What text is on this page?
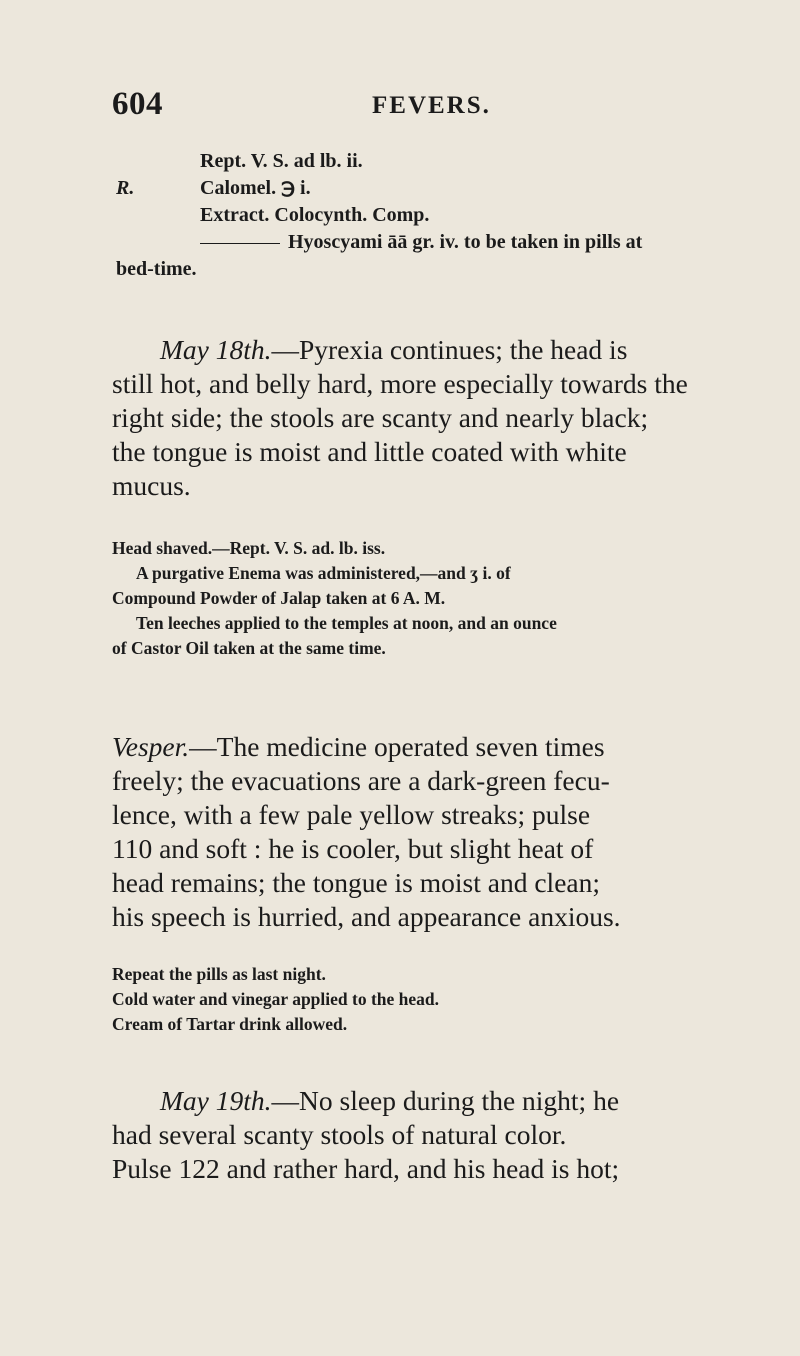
604	FEVERS.
Rept. V. S. ad lb. ii.
R.	Calomel. ℈ i.
Extract. Colocynth. Comp.
Hyoscyami āā gr. iv. to be taken in pills at
bed-time.
May 18th.—Pyrexia continues; the head is
still hot, and belly hard, more especially towards the
right side; the stools are scanty and nearly black;
the tongue is moist and little coated with white
mucus.
Head shaved.—Rept. V. S. ad. lb. iss.
A purgative Enema was administered,—and ʒ i. of
Compound Powder of Jalap taken at 6 A. M.
Ten leeches applied to the temples at noon, and an ounce
of Castor Oil taken at the same time.
Vesper.—The medicine operated seven times
freely; the evacuations are a dark-green fecu-
lence, with a few pale yellow streaks; pulse
110 and soft : he is cooler, but slight heat of
head remains; the tongue is moist and clean;
his speech is hurried, and appearance anxious.
Repeat the pills as last night.
Cold water and vinegar applied to the head.
Cream of Tartar drink allowed.
May 19th.—No sleep during the night; he
had several scanty stools of natural color.
Pulse 122 and rather hard, and his head is hot;
